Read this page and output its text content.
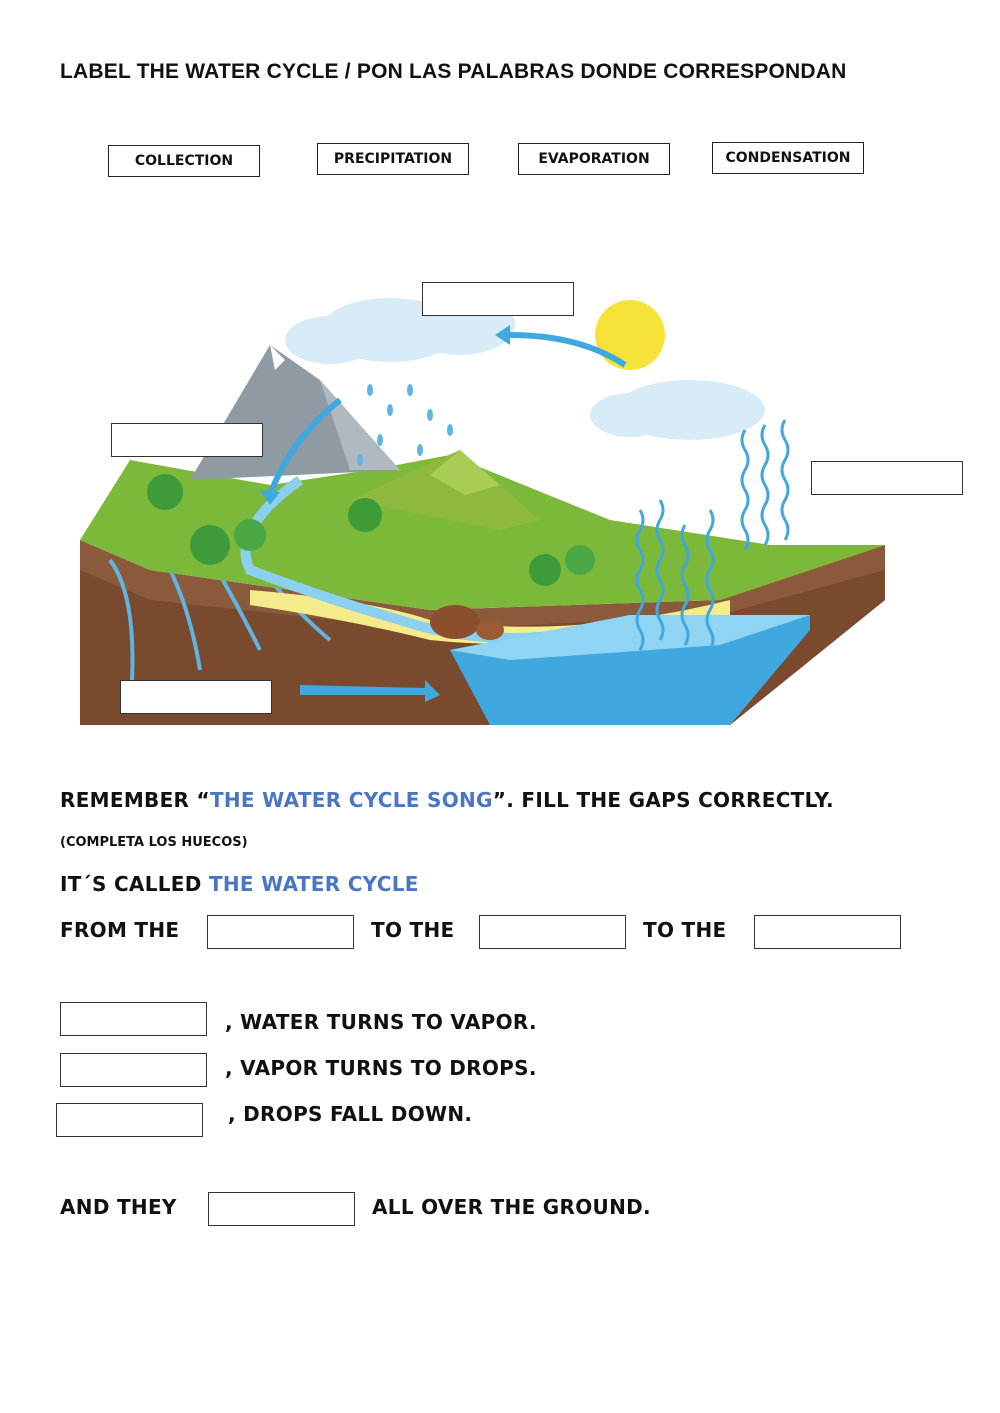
LABEL THE WATER CYCLE / PON LAS PALABRAS DONDE CORRESPONDAN
COLLECTION	PRECIPITATION	EVAPORATION	CONDENSATION
REMEMBER “THE WATER CYCLE SONG”. FILL THE GAPS CORRECTLY.
(COMPLETA LOS HUECOS)
IT´S CALLED THE WATER CYCLE
FROM THE	TO THE	TO THE
, WATER TURNS TO VAPOR.
, VAPOR TURNS TO DROPS.
, DROPS FALL DOWN.
AND THEY	ALL OVER THE GROUND.
